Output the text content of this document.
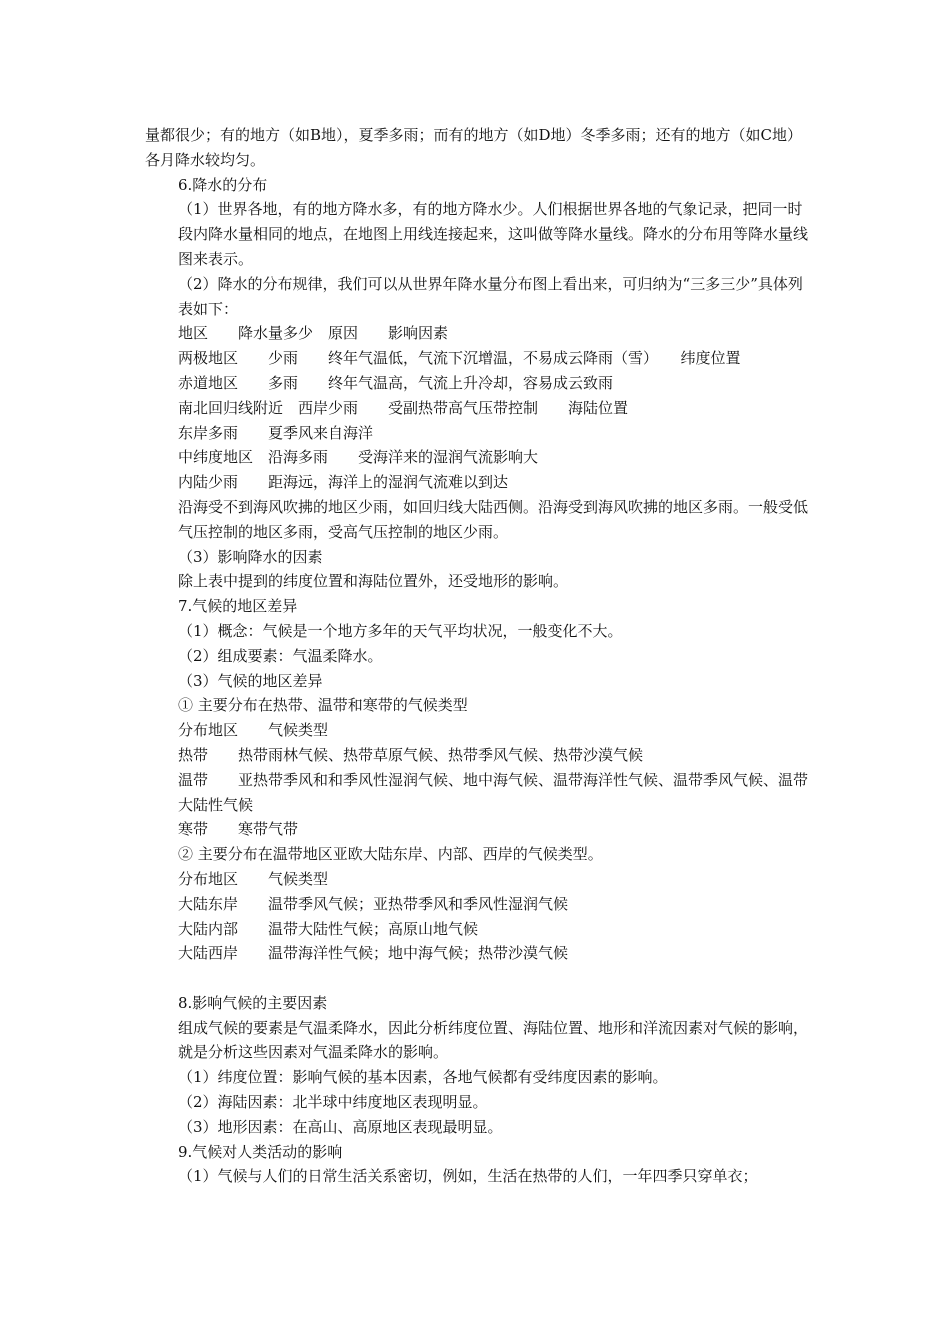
量都很少；有的地方（如B地），夏季多雨；而有的地方（如D地）冬季多雨；还有的地方（如C地）各月降水较均匀。

6.降水的分布

（1）世界各地，有的地方降水多，有的地方降水少。人们根据世界各地的气象记录，把同一时段内降水量相同的地点，在地图上用线连接起来，这叫做等降水量线。降水的分布用等降水量线图来表示。

（2）降水的分布规律，我们可以从世界年降水量分布图上看出来，可归纳为“三多三少”具体列表如下：

地区　　降水量多少　原因　　影响因素

两极地区　　少雨　　终年气温低，气流下沉增温，不易成云降雨（雪）　　纬度位置

赤道地区　　多雨　　终年气温高，气流上升冷却，容易成云致雨

南北回归线附近　西岸少雨　　受副热带高气压带控制　　海陆位置

东岸多雨　　夏季风来自海洋

中纬度地区　沿海多雨　　受海洋来的湿润气流影响大

内陆少雨　　距海远，海洋上的湿润气流难以到达

沿海受不到海风吹拂的地区少雨，如回归线大陆西侧。沿海受到海风吹拂的地区多雨。一般受低气压控制的地区多雨，受高气压控制的地区少雨。

（3）影响降水的因素

除上表中提到的纬度位置和海陆位置外，还受地形的影响。

7.气候的地区差异

（1）概念：气候是一个地方多年的天气平均状况，一般变化不大。

（2）组成要素：气温柔降水。

（3）气候的地区差异

① 主要分布在热带、温带和寒带的气候类型

分布地区　　气候类型

热带　　热带雨林气候、热带草原气候、热带季风气候、热带沙漠气候

温带　　亚热带季风和和季风性湿润气候、地中海气候、温带海洋性气候、温带季风气候、温带大陆性气候

寒带　　寒带气带

② 主要分布在温带地区亚欧大陆东岸、内部、西岸的气候类型。

分布地区　　气候类型

大陆东岸　　温带季风气候；亚热带季风和季风性湿润气候

大陆内部　　温带大陆性气候；高原山地气候

大陆西岸　　温带海洋性气候；地中海气候；热带沙漠气候

8.影响气候的主要因素

组成气候的要素是气温柔降水，因此分析纬度位置、海陆位置、地形和洋流因素对气候的影响，就是分析这些因素对气温柔降水的影响。

（1）纬度位置：影响气候的基本因素，各地气候都有受纬度因素的影响。

（2）海陆因素：北半球中纬度地区表现明显。

（3）地形因素：在高山、高原地区表现最明显。

9.气候对人类活动的影响

（1）气候与人们的日常生活关系密切，例如，生活在热带的人们，一年四季只穿单衣；
